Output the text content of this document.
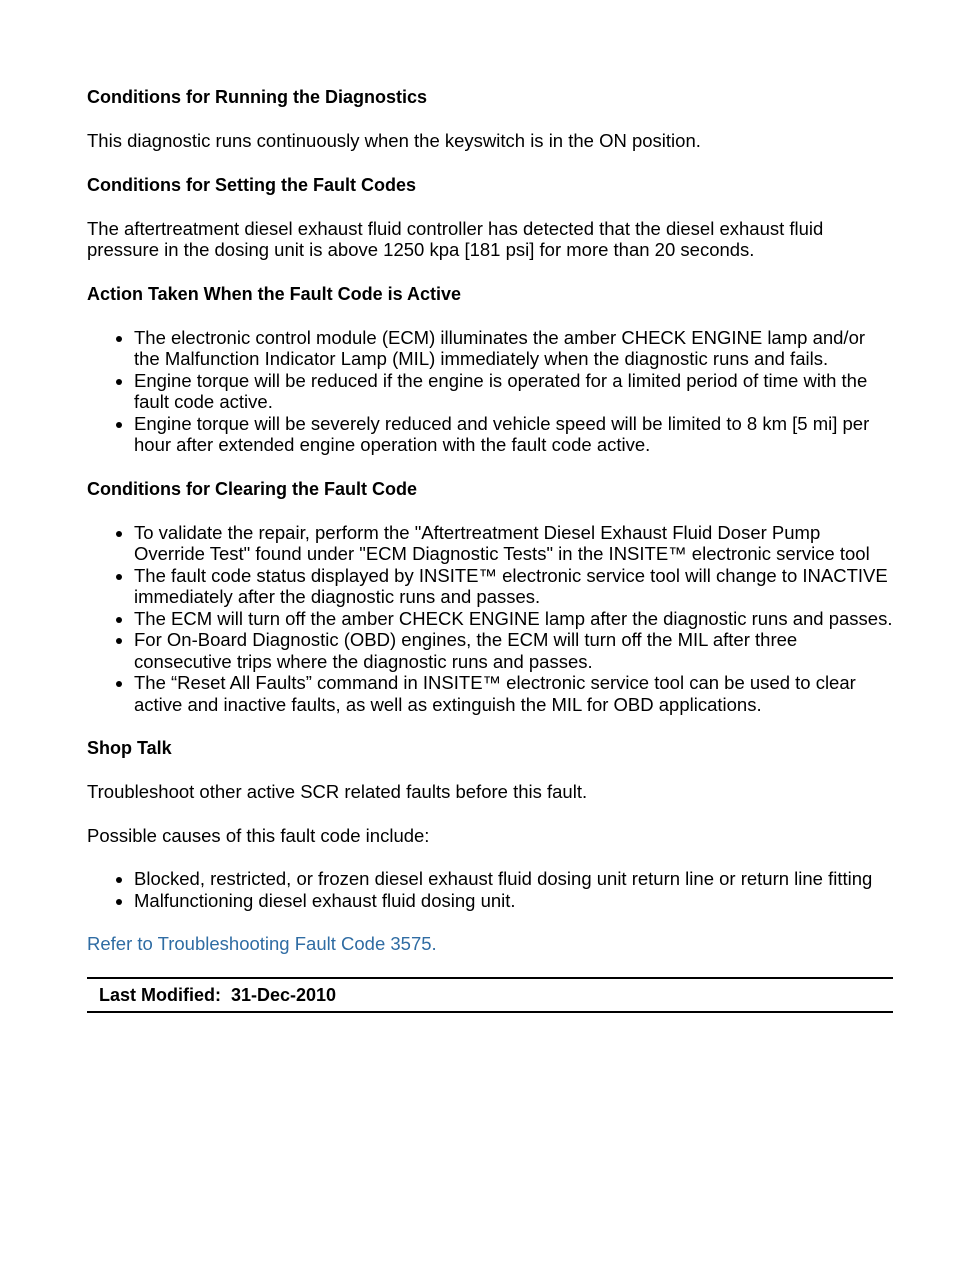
Conditions for Running the Diagnostics

This diagnostic runs continuously when the keyswitch is in the ON position.

Conditions for Setting the Fault Codes

The aftertreatment diesel exhaust fluid controller has detected that the diesel exhaust fluid pressure in the dosing unit is above 1250 kpa [181 psi] for more than 20 seconds.

Action Taken When the Fault Code is Active

The electronic control module (ECM) illuminates the amber CHECK ENGINE lamp and/or the Malfunction Indicator Lamp (MIL) immediately when the diagnostic runs and fails.
Engine torque will be reduced if the engine is operated for a limited period of time with the fault code active.
Engine torque will be severely reduced and vehicle speed will be limited to 8 km [5 mi] per hour after extended engine operation with the fault code active.

Conditions for Clearing the Fault Code

To validate the repair, perform the "Aftertreatment Diesel Exhaust Fluid Doser Pump Override Test" found under "ECM Diagnostic Tests" in the INSITE™ electronic service tool
The fault code status displayed by INSITE™ electronic service tool will change to INACTIVE immediately after the diagnostic runs and passes.
The ECM will turn off the amber CHECK ENGINE lamp after the diagnostic runs and passes.
For On-Board Diagnostic (OBD) engines, the ECM will turn off the MIL after three consecutive trips where the diagnostic runs and passes.
The “Reset All Faults” command in INSITE™ electronic service tool can be used to clear active and inactive faults, as well as extinguish the MIL for OBD applications.

Shop Talk

Troubleshoot other active SCR related faults before this fault.

Possible causes of this fault code include:

Blocked, restricted, or frozen diesel exhaust fluid dosing unit return line or return line fitting
Malfunctioning diesel exhaust fluid dosing unit.
Refer to Troubleshooting Fault Code 3575.
Last Modified:  31-Dec-2010
